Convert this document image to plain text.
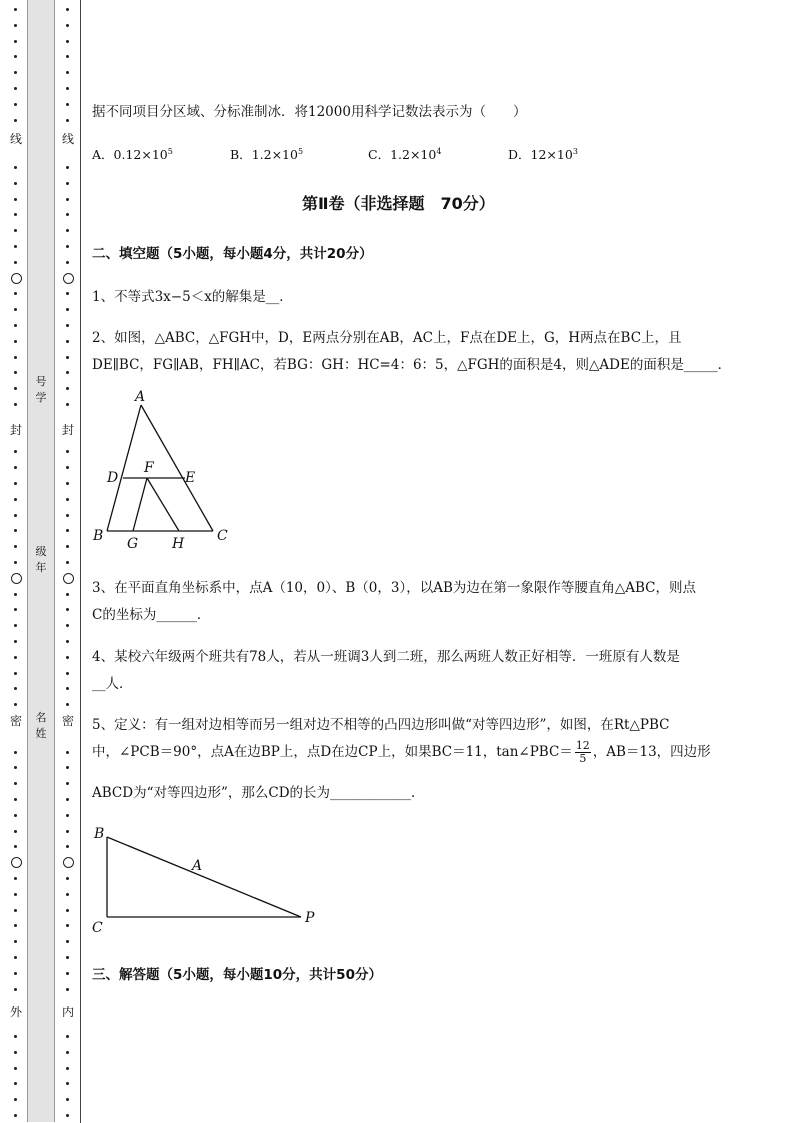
线
封
密
外
线
封
密
内
号学
级年
名姓
据不同项目分区域、分标准制冰．将12000用科学记数法表示为（　　）
A．$0.12\times 10^5$	B．$1.2\times 10^5$	C．$1.2\times 10^4$	D．$12\times 10^3$
第Ⅱ卷（非选择题　70分）
二、填空题（5小题，每小题4分，共计20分）
1、不等式3x−5＜x的解集是__．
2、如图，△ABC，△FGH中，D，E两点分别在AB，AC上，F点在DE上，G，H两点在BC上，且
DE∥BC，FG∥AB，FH∥AC，若BG：GH：HC=4：6：5，△FGH的面积是4，则△ADE的面积是_____．
A
D
F
E
B G H C
3、在平面直角坐标系中，点A（10，0）、B（0，3），以AB为边在第一象限作等腰直角△ABC，则点
C的坐标为______．
4、某校六年级两个班共有78人，若从一班调3人到二班，那么两班人数正好相等．一班原有人数是
__人．
5、定义：有一组对边相等而另一组对边不相等的凸四边形叫做“对等四边形”，如图，在Rt△PBC
中，∠PCB＝90°，点A在边BP上，点D在边CP上，如果BC＝11，tan∠PBC＝ $\frac{12}{5}$ ，AB＝13，四边形
ABCD为“对等四边形”，那么CD的长为____________．
B
A
C
P
三、解答题（5小题，每小题10分，共计50分）
